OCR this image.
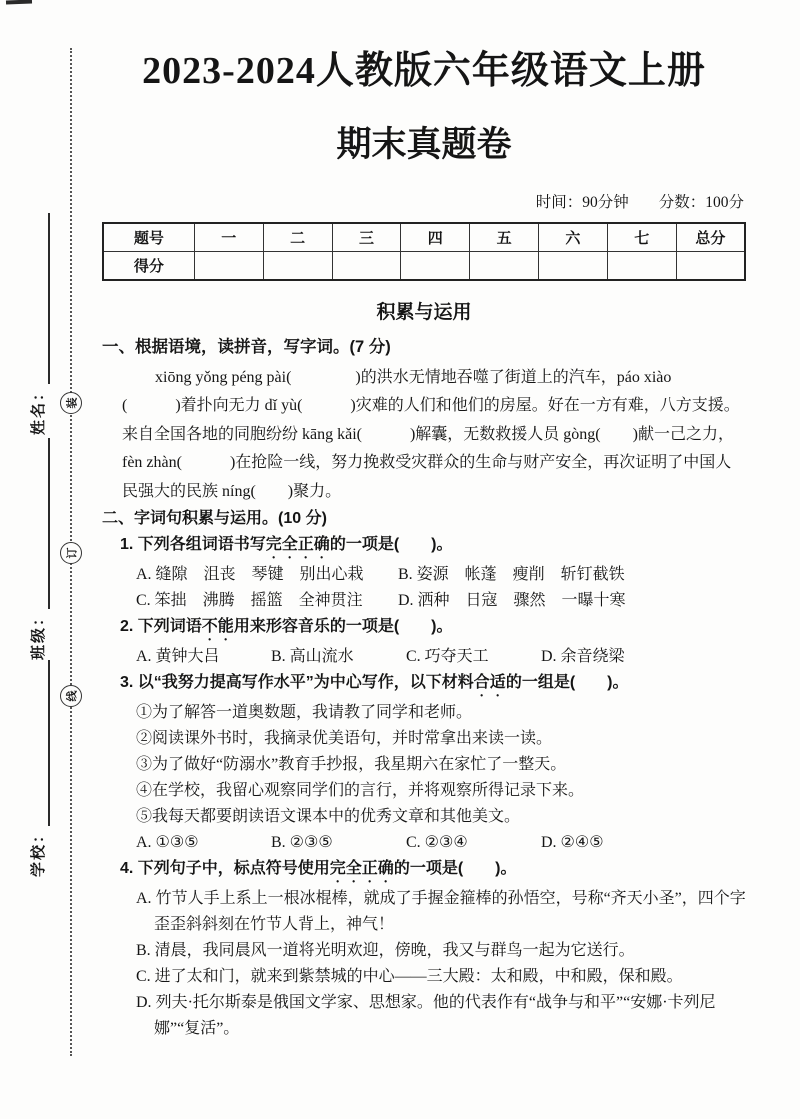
姓名：
班级：
学校：
装
订
线
2023-2024人教版六年级语文上册
期末真题卷
时间：90分钟 分数：100分
题号	一	二	三	四	五	六	七	总分
得分								
积累与运用
一、根据语境，读拼音，写字词。(7 分)
xiōng yǒng péng pài(　　　　)的洪水无情地吞噬了街道上的汽车，páo xiào
(　　　)着扑向无力 dǐ yù(　　　)灾难的人们和他们的房屋。好在一方有难，八方支援。
来自全国各地的同胞纷纷 kāng kǎi(　　　)解囊，无数救援人员 gòng(　　)献一己之力，
fèn zhàn(　　　)在抢险一线，努力挽救受灾群众的生命与财产安全，再次证明了中国人
民强大的民族 níng(　　)聚力。
二、字词句积累与运用。(10 分)
1. 下列各组词语书写完全正确的一项是(　　)。
A. 缝隙　沮丧　琴键　别出心栽 B. 姿源　帐蓬　瘦削　斩钉截铁
C. 笨拙　沸腾　摇篮　全神贯注 D. 洒种　日寇　骤然　一曝十寒
2. 下列词语不能用来形容音乐的一项是(　　)。
A. 黄钟大吕	B. 高山流水	C. 巧夺天工	D. 余音绕梁
3. 以“我努力提高写作水平”为中心写作，以下材料合适的一组是(　　)。
①为了解答一道奥数题，我请教了同学和老师。
②阅读课外书时，我摘录优美语句，并时常拿出来读一读。
③为了做好“防溺水”教育手抄报，我星期六在家忙了一整天。
④在学校，我留心观察同学们的言行，并将观察所得记录下来。
⑤我每天都要朗读语文课本中的优秀文章和其他美文。
A. ①③⑤	B. ②③⑤	C. ②③④	D. ②④⑤
4. 下列句子中，标点符号使用完全正确的一项是(　　)。
A. 竹节人手上系上一根冰棍棒，就成了手握金箍棒的孙悟空，号称“齐天小圣”，四个字歪歪斜斜刻在竹节人背上，神气！
B. 清晨，我同晨风一道将光明欢迎，傍晚，我又与群鸟一起为它送行。
C. 进了太和门，就来到紫禁城的中心——三大殿：太和殿，中和殿，保和殿。
D. 列夫·托尔斯泰是俄国文学家、思想家。他的代表作有“战争与和平”“安娜·卡列尼娜”“复活”。
